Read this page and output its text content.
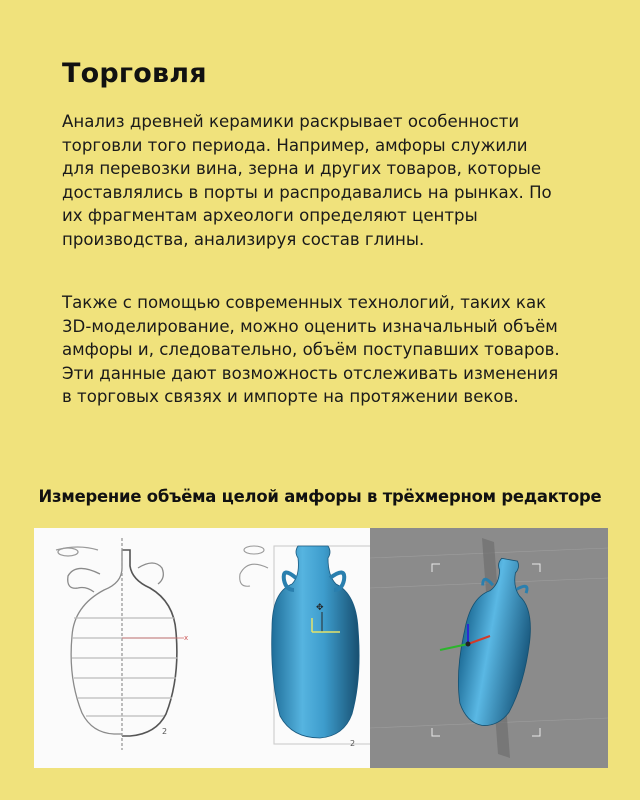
Торговля

Анализ древней керамики раскрывает особенности торговли того периода. Например, амфоры служили для перевозки вина, зерна и других товаров, которые доставлялись в порты и распродавались на рынках. По их фрагментам археологи определяют центры производства, анализируя состав глины.

Также с помощью современных технологий, таких как 3D-моделирование, можно оценить изначальный объём амфоры и, следовательно, объём поступавших товаров. Эти данные дают возможность отслеживать изменения в торговых связях и импорте на протяжении веков.

Измерение объёма целой амфоры в трёхмерном редакторе
x
2
✥
2
